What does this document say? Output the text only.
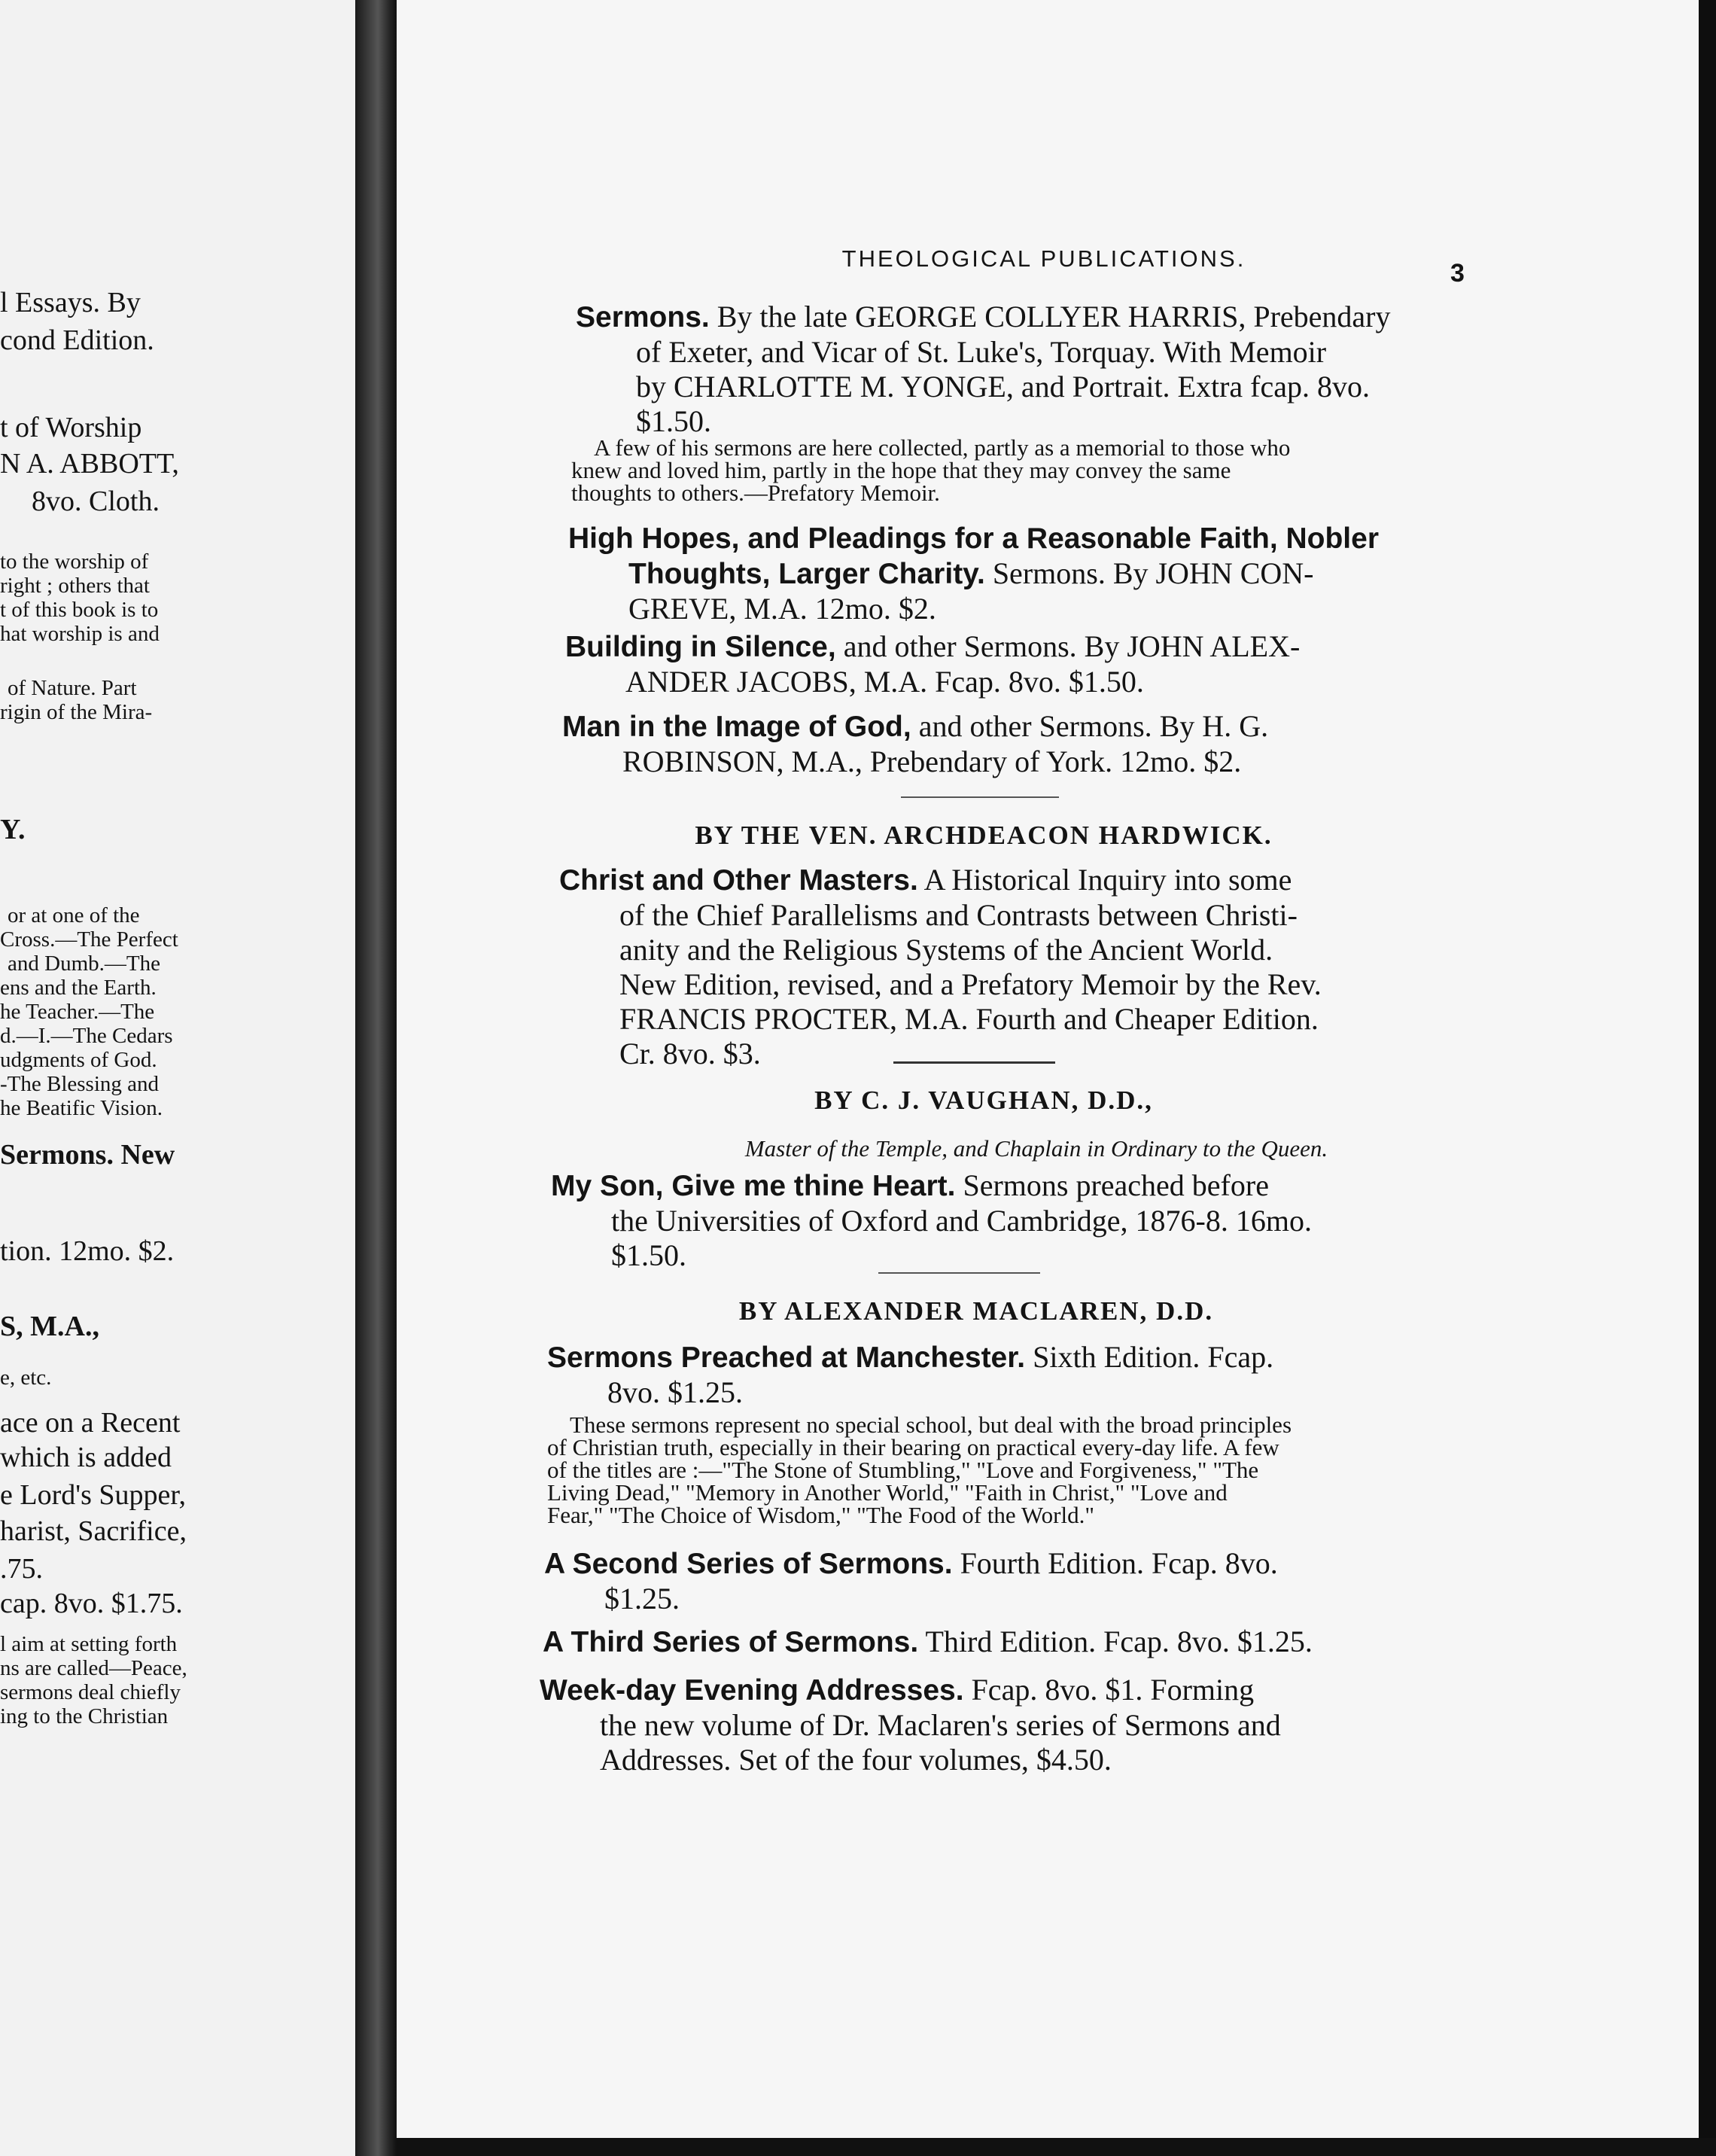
l Essays. By
cond Edition.
t of Worship
N A. ABBOTT,
8vo. Cloth.
to the worship of
right ; others that
t of this book is to
hat worship is and
of Nature. Part
rigin of the Mira-
Y.
or at one of the
Cross.—The Perfect
and Dumb.—The
ens and the Earth.
he Teacher.—The
d.—I.—The Cedars
udgments of God.
-The Blessing and
he Beatific Vision.
Sermons. New
tion. 12mo. $2.
S, M.A.,
e, etc.
ace on a Recent
which is added
e Lord's Supper,
harist, Sacrifice,
.75.
cap. 8vo. $1.75.
l aim at setting forth
ns are called—Peace,
sermons deal chiefly
ing to the Christian
THEOLOGICAL PUBLICATIONS.
3
Sermons. By the late GEORGE COLLYER HARRIS, Prebendary
of Exeter, and Vicar of St. Luke's, Torquay. With Memoir
by CHARLOTTE M. YONGE, and Portrait. Extra fcap. 8vo.
$1.50.
A few of his sermons are here collected, partly as a memorial to those who
knew and loved him, partly in the hope that they may convey the same
thoughts to others.—Prefatory Memoir.
High Hopes, and Pleadings for a Reasonable Faith, Nobler
Thoughts, Larger Charity. Sermons. By JOHN CON-
GREVE, M.A. 12mo. $2.
Building in Silence, and other Sermons. By JOHN ALEX-
ANDER JACOBS, M.A. Fcap. 8vo. $1.50.
Man in the Image of God, and other Sermons. By H. G.
ROBINSON, M.A., Prebendary of York. 12mo. $2.
BY THE VEN. ARCHDEACON HARDWICK.
Christ and Other Masters. A Historical Inquiry into some
of the Chief Parallelisms and Contrasts between Christi-
anity and the Religious Systems of the Ancient World.
New Edition, revised, and a Prefatory Memoir by the Rev.
FRANCIS PROCTER, M.A. Fourth and Cheaper Edition.
Cr. 8vo. $3.
BY C. J. VAUGHAN, D.D.,
Master of the Temple, and Chaplain in Ordinary to the Queen.
My Son, Give me thine Heart. Sermons preached before
the Universities of Oxford and Cambridge, 1876-8. 16mo.
$1.50.
BY ALEXANDER MACLAREN, D.D.
Sermons Preached at Manchester. Sixth Edition. Fcap.
8vo. $1.25.
These sermons represent no special school, but deal with the broad principles
of Christian truth, especially in their bearing on practical every-day life. A few
of the titles are :—"The Stone of Stumbling," "Love and Forgiveness," "The
Living Dead," "Memory in Another World," "Faith in Christ," "Love and
Fear," "The Choice of Wisdom," "The Food of the World."
A Second Series of Sermons. Fourth Edition. Fcap. 8vo.
$1.25.
A Third Series of Sermons. Third Edition. Fcap. 8vo. $1.25.
Week-day Evening Addresses. Fcap. 8vo. $1. Forming
the new volume of Dr. Maclaren's series of Sermons and
Addresses. Set of the four volumes, $4.50.
